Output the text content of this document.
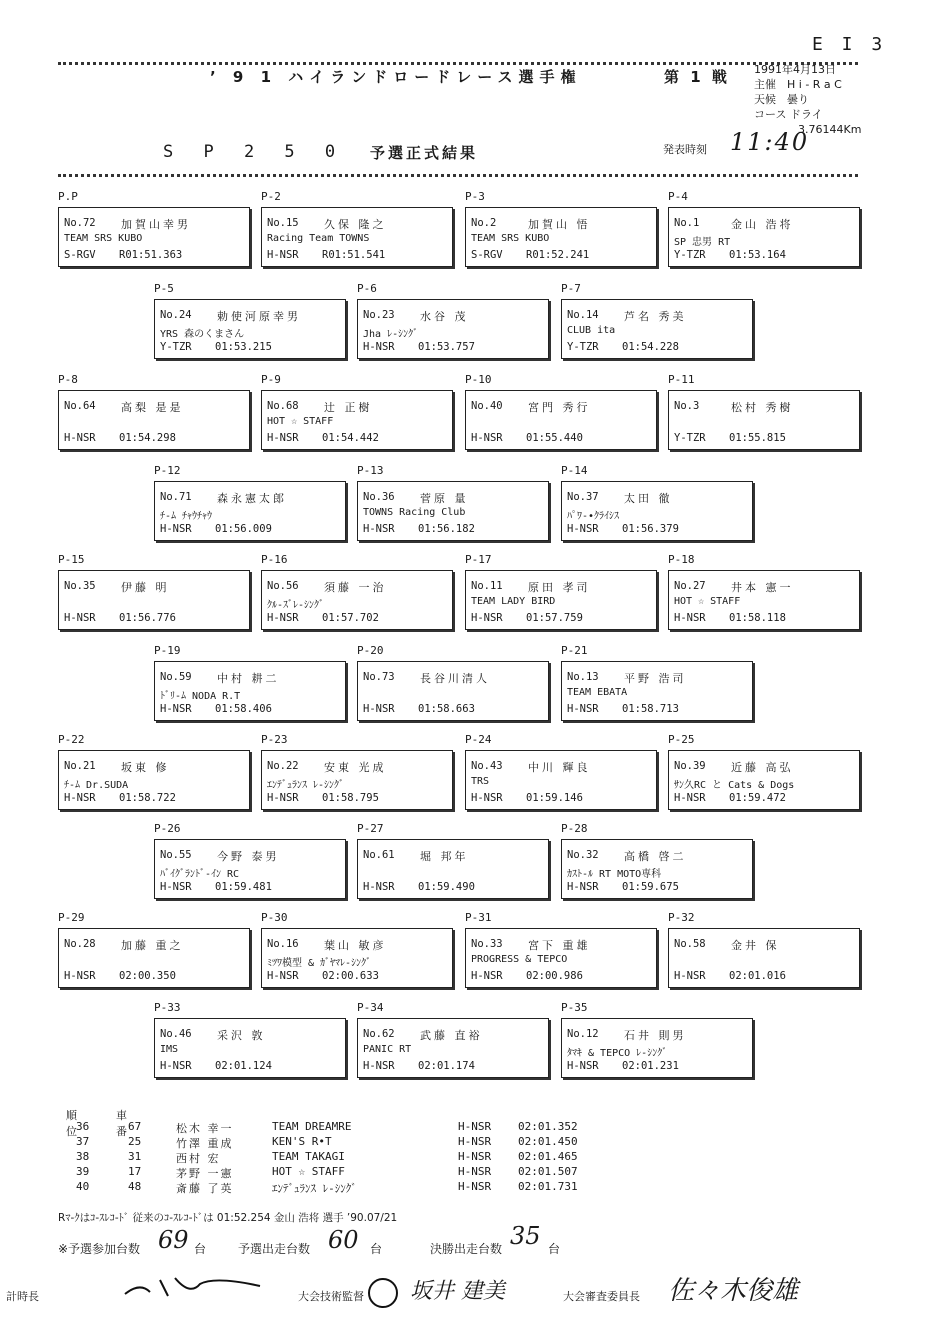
E I 3
’ 9 1 ハイランドロードレース選手権	第 1 戦 1991年4月13日
主催　H i - R a C
天候　曇り
コース ドライ
3.76144Km
S P 2 5 0 予選正式結果	発表時刻 11:40
P.P
No.72 加賀山幸男
TEAM SRS KUBO
S-RGV R01:51.363
P-2
No.15 久保 隆之
Racing Team TOWNS
H-NSR R01:51.541
P-3
No.2	加賀山 悟
TEAM SRS KUBO
S-RGV R01:52.241
P-4
No.1	金山 浩将
SP 忠男 RT
Y-TZR 01:53.164
P-5
No.24 勅使河原幸男
YRS 森のくまさん
Y-TZR 01:53.215
P-6
No.23 水谷 茂
Jha ﾚ-ｼﾝｸﾞ
H-NSR 01:53.757
P-7
No.14 芦名 秀美
CLUB ita
Y-TZR 01:54.228
P-8
No.64 高梨 是是
H-NSR 01:54.298
P-9
No.68 辻 正樹
HOT ☆ STAFF
H-NSR 01:54.442
P-10
No.40 宮門 秀行
H-NSR 01:55.440
P-11
No.3	松村 秀樹
Y-TZR 01:55.815
P-12
No.71 森永憲太郎
ﾁ-ﾑ ﾁｬｳﾁｬｳ
H-NSR 01:56.009
P-13
No.36 菅原 量
TOWNS Racing Club
H-NSR 01:56.182
P-14
No.37 太田 徹
ﾊﾟﾜ-•ｸﾗｲｼｽ
H-NSR 01:56.379
P-15
No.35 伊藤 明
H-NSR 01:56.776
P-16
No.56 須藤 一治
ｸﾙ-ｽﾞﾚ-ｼﾝｸﾞ
H-NSR 01:57.702
P-17
No.11 原田 孝司
TEAM LADY BIRD
H-NSR 01:57.759
P-18
No.27 井本 憲一
HOT ☆ STAFF
H-NSR 01:58.118
P-19
No.59 中村 耕二
ﾄﾞﾘ-ﾑ NODA R.T
H-NSR 01:58.406
P-20
No.73 長谷川清人
H-NSR 01:58.663
P-21
No.13 平野 浩司
TEAM EBATA
H-NSR 01:58.713
P-22
No.21 坂東 修
ﾁ-ﾑ Dr.SUDA
H-NSR 01:58.722
P-23
No.22 安東 光成
ｴﾝﾃﾞｭﾗﾝｽ ﾚ-ｼﾝｸﾞ
H-NSR 01:58.795
P-24
No.43 中川 輝良
TRS
H-NSR 01:59.146
P-25
No.39 近藤 高弘
ｻﾝ久RC と Cats & Dogs
H-NSR 01:59.472
P-26
No.55 今野 泰男
ﾊﾞｲｸﾞﾗﾝﾄﾞ-ｲﾝ RC
H-NSR 01:59.481
P-27
No.61 堀 邦年
H-NSR 01:59.490
P-28
No.32 高橋 啓二
ｶｽﾄ-ﾙ RT MOTO専科
H-NSR 01:59.675
P-29
No.28 加藤 重之
H-NSR 02:00.350
P-30
No.16 葉山 敏彦
ﾐﾂﾜ模型 & ｶﾞﾔﾏﾚ-ｼﾝｸﾞ
H-NSR 02:00.633
P-31
No.33 宮下 重雄
PROGRESS & TEPCO
H-NSR 02:00.986
P-32
No.58 金井 保
H-NSR 02:01.016
P-33
No.46 采沢 敦
IMS
H-NSR 02:01.124
P-34
No.62 武藤 直裕
PANIC RT
H-NSR 02:01.174
P-35
No.12 石井 則男
ﾀﾏｷ & TEPCO ﾚ-ｼﾝｸﾞ
H-NSR 02:01.231
順位
車番
36	67	松木 幸一	TEAM DREAMRE	H-NSR 02:01.352
37	25	竹澤 重成	KEN'S R•T	H-NSR 02:01.450
38	31	西村 宏	TEAM TAKAGI	H-NSR 02:01.465
39	17	茅野 一憲	HOT ☆ STAFF	H-NSR 02:01.507
40	48	斎藤 了英	ｴﾝﾃﾞｭﾗﾝｽ ﾚ-ｼﾝｸﾞ	H-NSR 02:01.731
Rﾏ-ｸはｺ-ｽﾚｺ-ﾄﾞ 従来のｺ-ｽﾚｺ-ﾄﾞは 01:52.254 金山 浩将 選手 ’90.07/21
※予選参加台数 69 台	予選出走台数 60 台	決勝出走台数 35 台
計時長	大会技術監督 坂井 建美	大会審査委員長 佐々木俊雄
